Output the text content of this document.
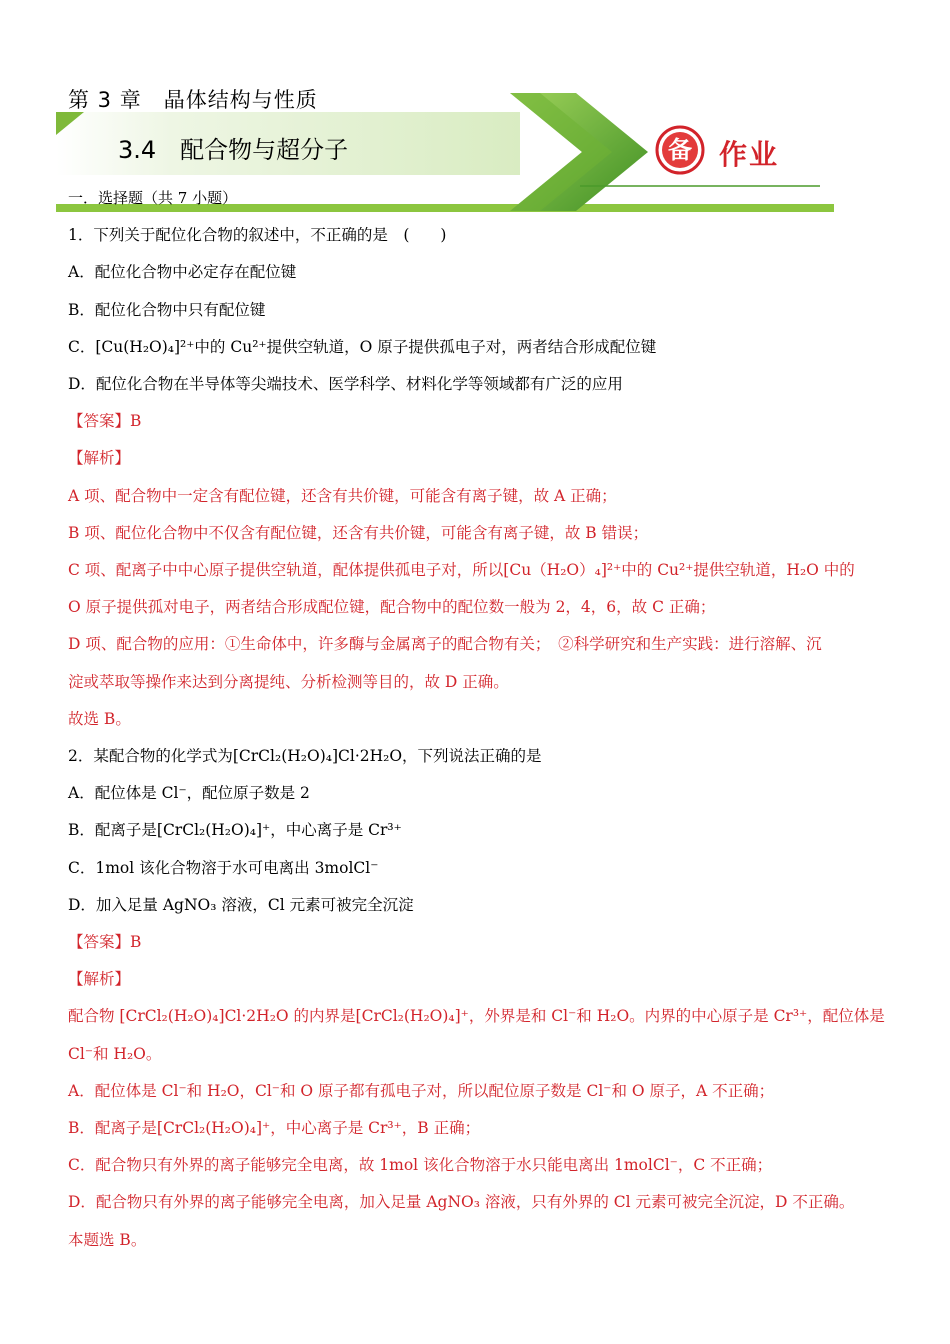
第 3 章　晶体结构与性质
3.4　配合物与超分子	备 作业
一．选择题（共 7 小题）
1．下列关于配位化合物的叙述中，不正确的是　(　　)
A．配位化合物中必定存在配位键
B．配位化合物中只有配位键
C．[Cu(H₂O)₄]²⁺中的 Cu²⁺提供空轨道，O 原子提供孤电子对，两者结合形成配位键
D．配位化合物在半导体等尖端技术、医学科学、材料化学等领域都有广泛的应用
【答案】B
【解析】
A 项、配合物中一定含有配位键，还含有共价键，可能含有离子键，故 A 正确；
B 项、配位化合物中不仅含有配位键，还含有共价键，可能含有离子键，故 B 错误；
C 项、配离子中中心原子提供空轨道，配体提供孤电子对，所以[Cu（H₂O）₄]²⁺中的 Cu²⁺提供空轨道，H₂O 中的
O 原子提供孤对电子，两者结合形成配位键，配合物中的配位数一般为 2，4，6，故 C 正确；
D 项、配合物的应用：①生命体中，许多酶与金属离子的配合物有关；　②科学研究和生产实践：进行溶解、沉
淀或萃取等操作来达到分离提纯、分析检测等目的，故 D 正确。
故选 B。
2．某配合物的化学式为[CrCl₂(H₂O)₄]Cl·2H₂O，下列说法正确的是
A．配位体是 Cl⁻，配位原子数是 2
B．配离子是[CrCl₂(H₂O)₄]⁺，中心离子是 Cr³⁺
C．1mol 该化合物溶于水可电离出 3molCl⁻
D．加入足量 AgNO₃ 溶液，Cl 元素可被完全沉淀
【答案】B
【解析】
配合物 [CrCl₂(H₂O)₄]Cl·2H₂O 的内界是[CrCl₂(H₂O)₄]⁺，外界是和 Cl⁻和 H₂O。内界的中心原子是 Cr³⁺，配位体是
Cl⁻和 H₂O。
A．配位体是 Cl⁻和 H₂O，Cl⁻和 O 原子都有孤电子对，所以配位原子数是 Cl⁻和 O 原子，A 不正确；
B．配离子是[CrCl₂(H₂O)₄]⁺，中心离子是 Cr³⁺，B 正确；
C．配合物只有外界的离子能够完全电离，故 1mol 该化合物溶于水只能电离出 1molCl⁻，C 不正确；
D．配合物只有外界的离子能够完全电离，加入足量 AgNO₃ 溶液，只有外界的 Cl 元素可被完全沉淀，D 不正确。
本题选 B。
